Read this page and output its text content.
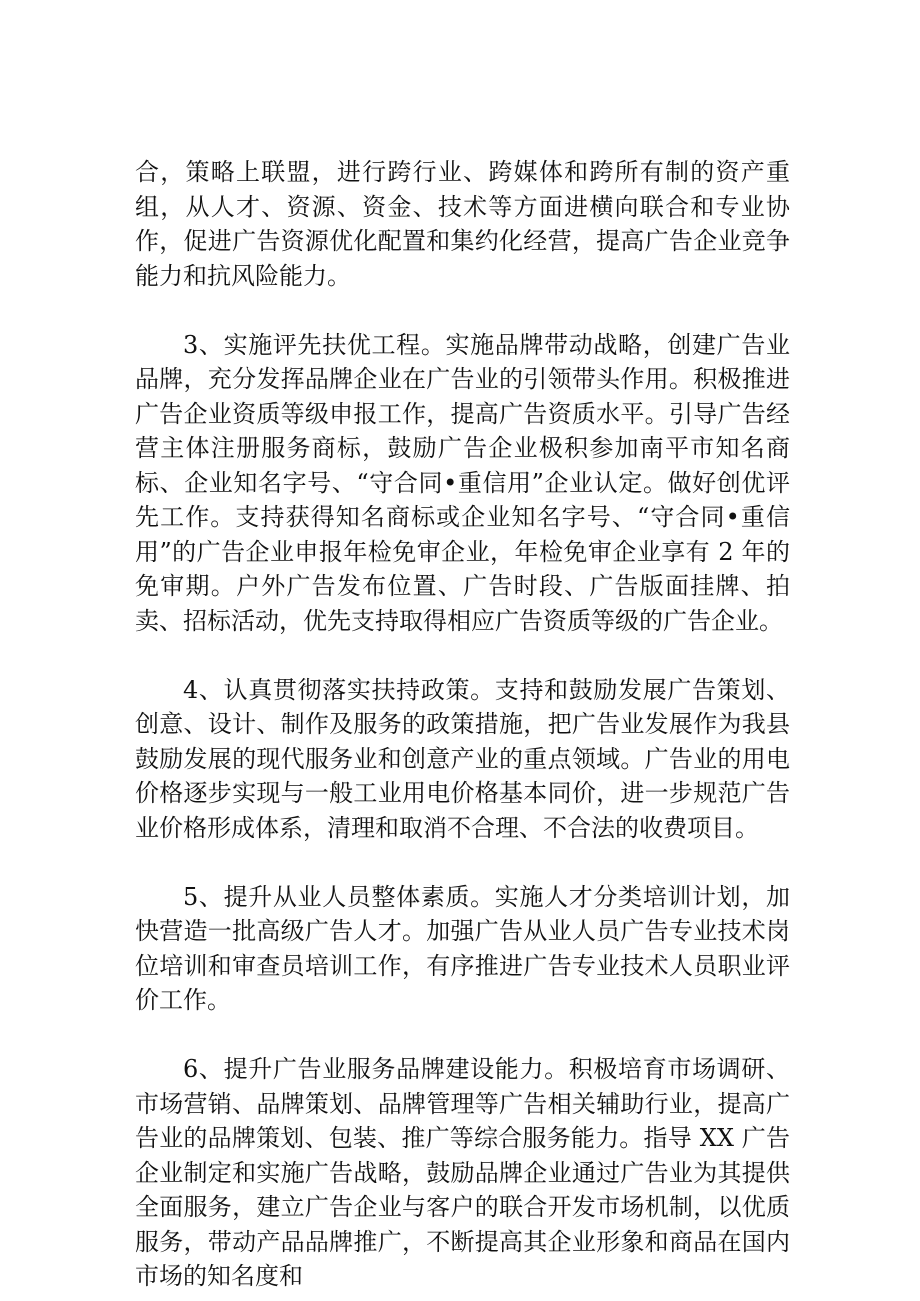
合，策略上联盟，进行跨行业、跨媒体和跨所有制的资产重组，从人才、资源、资金、技术等方面进横向联合和专业协作，促进广告资源优化配置和集约化经营，提高广告企业竞争能力和抗风险能力。

3、实施评先扶优工程。实施品牌带动战略，创建广告业品牌，充分发挥品牌企业在广告业的引领带头作用。积极推进广告企业资质等级申报工作，提高广告资质水平。引导广告经营主体注册服务商标，鼓励广告企业极积参加南平市知名商标、企业知名字号、“守合同•重信用”企业认定。做好创优评先工作。支持获得知名商标或企业知名字号、“守合同•重信用”的广告企业申报年检免审企业，年检免审企业享有 2 年的免审期。户外广告发布位置、广告时段、广告版面挂牌、拍卖、招标活动，优先支持取得相应广告资质等级的广告企业。

4、认真贯彻落实扶持政策。支持和鼓励发展广告策划、创意、设计、制作及服务的政策措施，把广告业发展作为我县鼓励发展的现代服务业和创意产业的重点领域。广告业的用电价格逐步实现与一般工业用电价格基本同价，进一步规范广告业价格形成体系，清理和取消不合理、不合法的收费项目。

5、提升从业人员整体素质。实施人才分类培训计划，加快营造一批高级广告人才。加强广告从业人员广告专业技术岗位培训和审查员培训工作，有序推进广告专业技术人员职业评价工作。

6、提升广告业服务品牌建设能力。积极培育市场调研、市场营销、品牌策划、品牌管理等广告相关辅助行业，提高广告业的品牌策划、包装、推广等综合服务能力。指导 XX 广告企业制定和实施广告战略，鼓励品牌企业通过广告业为其提供全面服务，建立广告企业与客户的联合开发市场机制，以优质服务，带动产品品牌推广，不断提高其企业形象和商品在国内市场的知名度和
